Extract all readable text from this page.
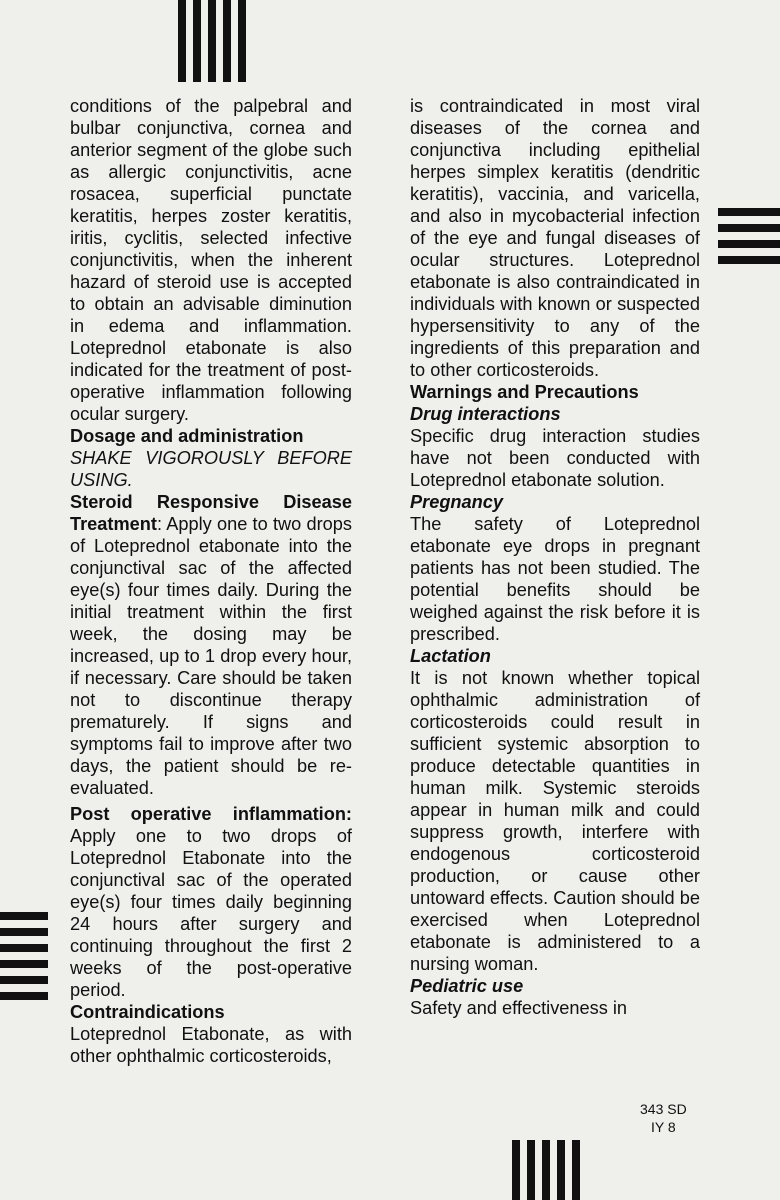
conditions of the palpebral and bulbar conjunctiva, cornea and anterior segment of the globe such as allergic conjunctivitis, acne rosacea, superficial punctate keratitis, herpes zoster keratitis, iritis, cyclitis, selected infective conjunctivitis, when the inherent hazard of steroid use is accepted to obtain an advisable diminution in edema and inflammation. Loteprednol etabonate is also indicated for the treatment of post-operative inflammation following ocular surgery.

Dosage and administration

SHAKE VIGOROUSLY BEFORE USING.

Steroid Responsive Disease Treatment: Apply one to two drops of Loteprednol etabonate into the conjunctival sac of the affected eye(s) four times daily. During the initial treatment within the first week, the dosing may be increased, up to 1 drop every hour, if necessary. Care should be taken not to discontinue therapy prematurely. If signs and symptoms fail to improve after two days, the patient should be re-evaluated.

Post operative inflammation: Apply one to two drops of Loteprednol Etabonate into the conjunctival sac of the operated eye(s) four times daily beginning 24 hours after surgery and continuing throughout the first 2 weeks of the post-operative period.

Contraindications

Loteprednol Etabonate, as with other ophthalmic corticosteroids,

is contraindicated in most viral diseases of the cornea and conjunctiva including epithelial herpes simplex keratitis (dendritic keratitis), vaccinia, and varicella, and also in mycobacterial infection of the eye and fungal diseases of ocular structures. Loteprednol etabonate is also contraindicated in individuals with known or suspected hypersensitivity to any of the ingredients of this preparation and to other corticosteroids.

Warnings and Precautions

Drug interactions

Specific drug interaction studies have not been conducted with Loteprednol etabonate solution.

Pregnancy

The safety of Loteprednol etabonate eye drops in pregnant patients has not been studied. The potential benefits should be weighed against the risk before it is prescribed.

Lactation

It is not known whether topical ophthalmic administration of corticosteroids could result in sufficient systemic absorption to produce detectable quantities in human milk. Systemic steroids appear in human milk and could suppress growth, interfere with endogenous corticosteroid production, or cause other untoward effects. Caution should be exercised when Loteprednol etabonate is administered to a nursing woman.

Pediatric use

Safety and effectiveness in

343 SD
IY 8
